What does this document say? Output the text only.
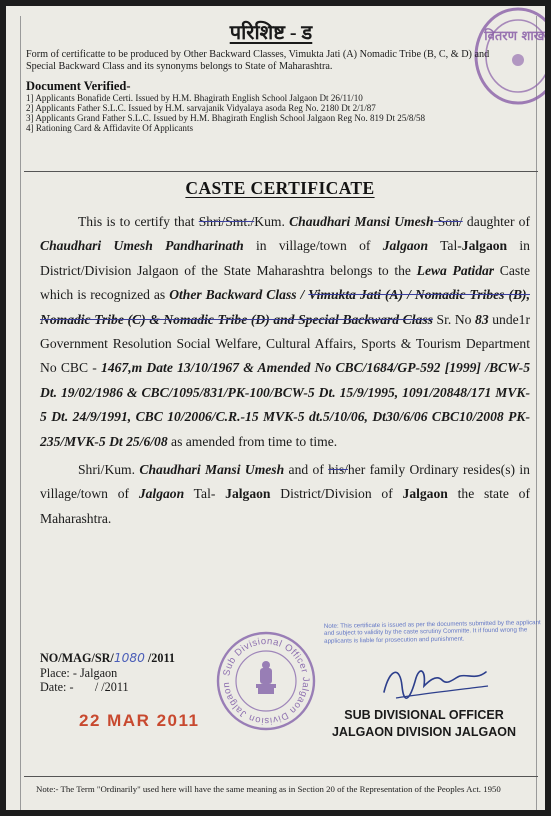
परिशिष्ट - ड	वितरण शाखा
Form of certificatte to be produced by Other Backward Classes, Vimukta Jati (A) Nomadic Tribe (B, C, & D) and Special Backward Class and its synonyms belongs to State of Maharashtra.
Document Verified-
1] Applicants Bonafide Certi. Issued by H.M. Bhagirath English School Jalgaon Dt 26/11/10
2] Applicants Father S.L.C. Issued by H.M. sarvajanik Vidyalaya asoda Reg No. 2180 Dt 2/1/87
3] Applicants Grand Father S.L.C. Issued by H.M. Bhagirath English School Jalgaon Reg No. 819 Dt 25/8/58
4] Rationing Card & Affidavite Of Applicants
CASTE CERTIFICATE

This is to certify that Shri/Smt./Kum. Chaudhari Mansi Umesh Son/ daughter of Chaudhari Umesh Pandharinath in village/town of Jalgaon Tal-Jalgaon in District/Division Jalgaon of the State Maharashtra belongs to the Lewa Patidar Caste which is recognized as Other Backward Class / Vimukta Jati (A) / Nomadic Tribes (B), Nomadic Tribe (C) & Nomadic Tribe (D) and Special Backward Class Sr. No 83 unde1r Government Resolution Social Welfare, Cultural Affairs, Sports & Tourism Department No CBC - 1467,m Date 13/10/1967 & Amended No CBC/1684/GP-592 [1999] /BCW-5 Dt. 19/02/1986 & CBC/1095/831/PK-100/BCW-5 Dt. 15/9/1995, 1091/20848/171 MVK-5 Dt. 24/9/1991, CBC 10/2006/C.R.-15 MVK-5 dt.5/10/06, Dt30/6/06 CBC10/2008 PK-235/MVK-5 Dt 25/6/08 as amended from time to time.

Shri/Kum. Chaudhari Mansi Umesh and of his/her family Ordinary resides(s) in village/town of Jalgaon Tal- Jalgaon District/Division of Jalgaon the state of Maharashtra.

Note: This certificate is issued as per the documents submitted by the applicant and subject to validity by the caste scrutiny Committe. It if found wrong the applicants is liable for prosecution and punishment.
NO/MAG/SR/1080 /2011
Place: - Jalgaon
Date: - / /2011
22 MAR 2011
Sub Divisional Officer Jalgaon Division Jalgaon
SUB DIVISIONAL OFFICER
JALGAON DIVISION JALGAON
Note:- The Term "Ordinarily" used here will have the same meaning as in Section 20 of the Representation of the Peoples Act. 1950
